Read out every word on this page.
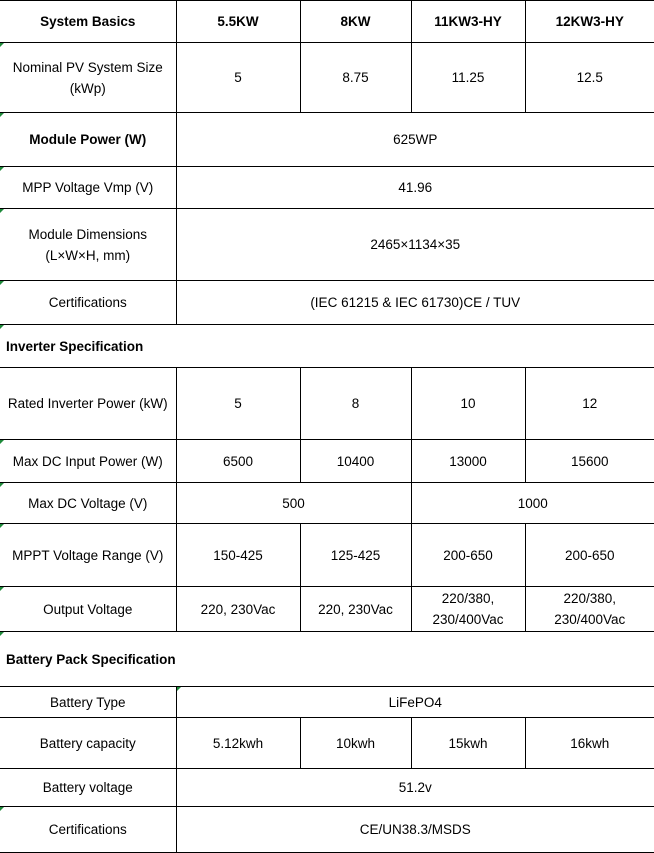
System Basics	5.5KW	8KW	11KW3-HY	12KW3-HY

Nominal PV System Size (kWp)	5	8.75	11.25	12.5

Module Power (W)	625WP			

MPP Voltage Vmp (V)	41.96			

Module Dimensions (L×W×H, mm)	2465×1134×35			

Certifications	(IEC 61215 & IEC 61730)CE / TUV			

Inverter Specification				
Rated Inverter Power (kW)	5	8	10	12

Max DC Input Power (W)	6500	10400	13000	15600

Max DC Voltage (V)	500		1000	

MPPT Voltage Range (V)	150-425	125-425	200-650	200-650

Output Voltage	220, 230Vac	220, 230Vac	220/380, 230/400Vac	220/380, 230/400Vac

Battery Pack Specification				
Battery Type	LiFePO4			
Battery capacity	5.12kwh	10kwh	15kwh	16kwh
Battery voltage	51.2v			

Certifications	CE/UN38.3/MSDS			
